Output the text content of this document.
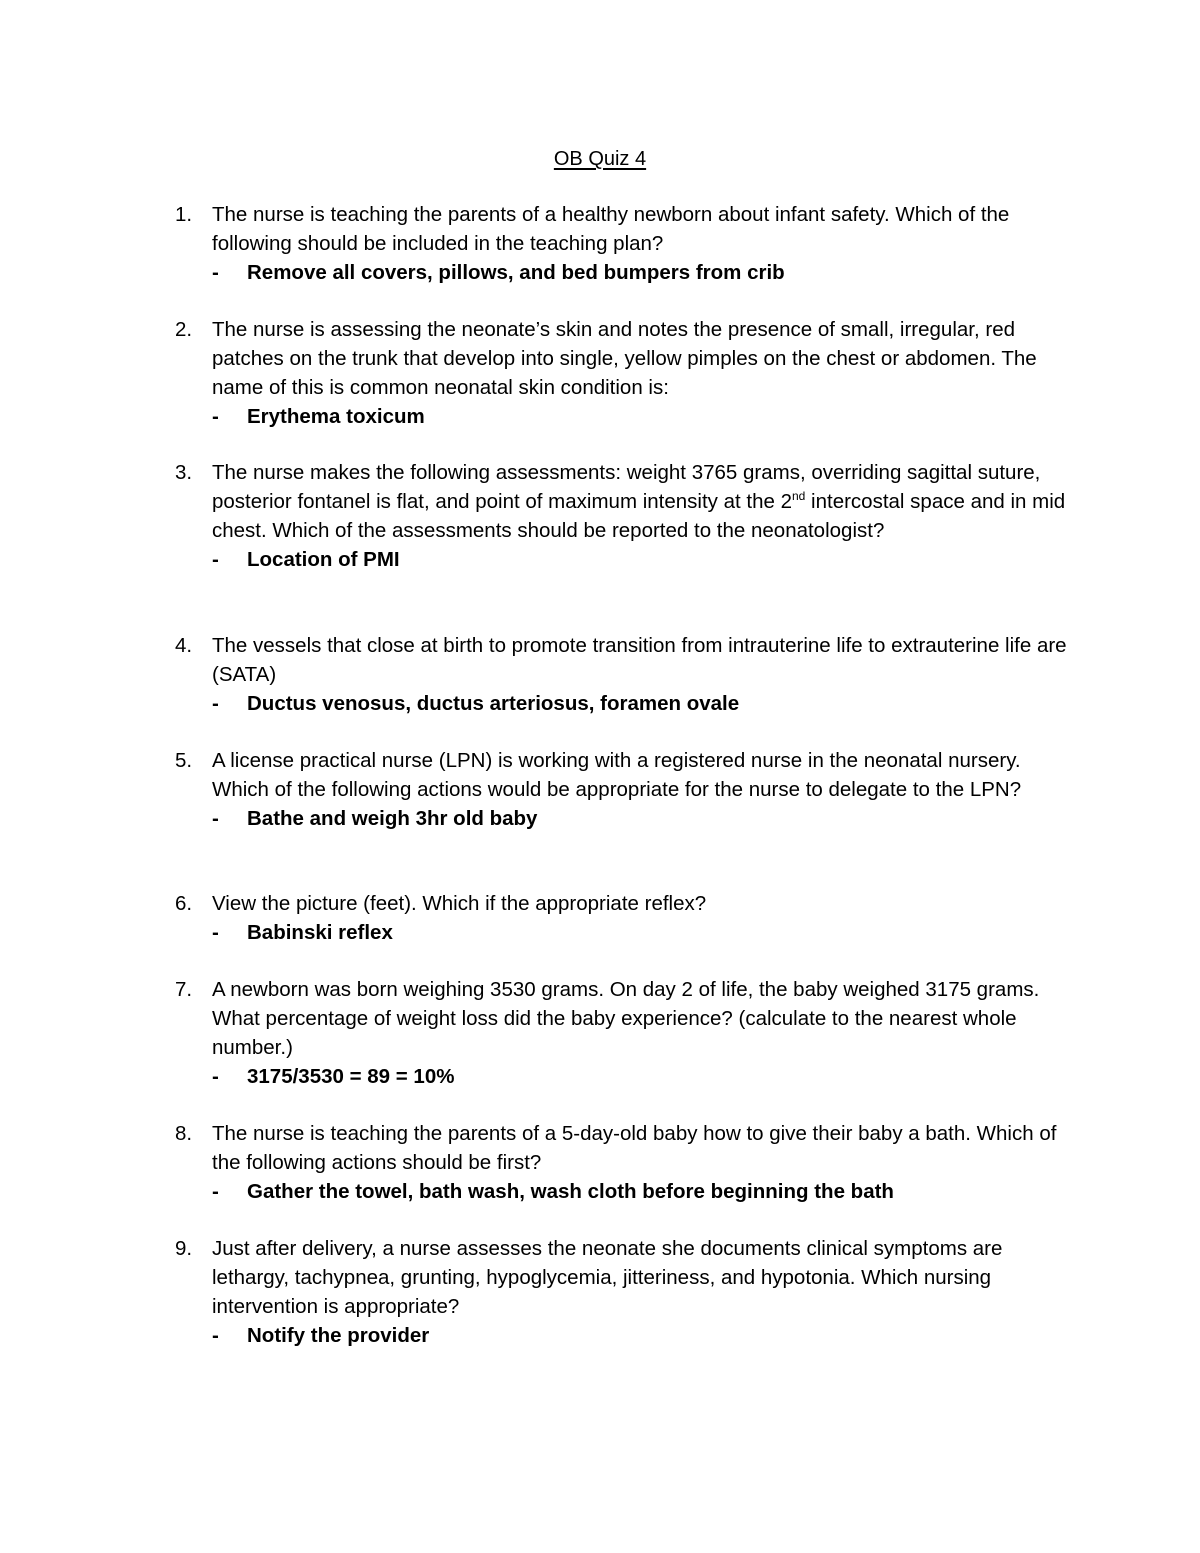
OB Quiz 4
1. The nurse is teaching the parents of a healthy newborn about infant safety. Which of the following should be included in the teaching plan?
- Remove all covers, pillows, and bed bumpers from crib
2. The nurse is assessing the neonate’s skin and notes the presence of small, irregular, red patches on the trunk that develop into single, yellow pimples on the chest or abdomen. The name of this is common neonatal skin condition is:
- Erythema toxicum
3. The nurse makes the following assessments: weight 3765 grams, overriding sagittal suture, posterior fontanel is flat, and point of maximum intensity at the 2nd intercostal space and in mid chest. Which of the assessments should be reported to the neonatologist?
- Location of PMI
4. The vessels that close at birth to promote transition from intrauterine life to extrauterine life are (SATA)
- Ductus venosus, ductus arteriosus, foramen ovale
5. A license practical nurse (LPN) is working with a registered nurse in the neonatal nursery. Which of the following actions would be appropriate for the nurse to delegate to the LPN?
- Bathe and weigh 3hr old baby
6. View the picture (feet). Which if the appropriate reflex?
- Babinski reflex
7. A newborn was born weighing 3530 grams. On day 2 of life, the baby weighed 3175 grams. What percentage of weight loss did the baby experience? (calculate to the nearest whole number.)
- 3175/3530 = 89 = 10%
8. The nurse is teaching the parents of a 5-day-old baby how to give their baby a bath. Which of the following actions should be first?
- Gather the towel, bath wash, wash cloth before beginning the bath
9. Just after delivery, a nurse assesses the neonate she documents clinical symptoms are lethargy, tachypnea, grunting, hypoglycemia, jitteriness, and hypotonia. Which nursing intervention is appropriate?
- Notify the provider
